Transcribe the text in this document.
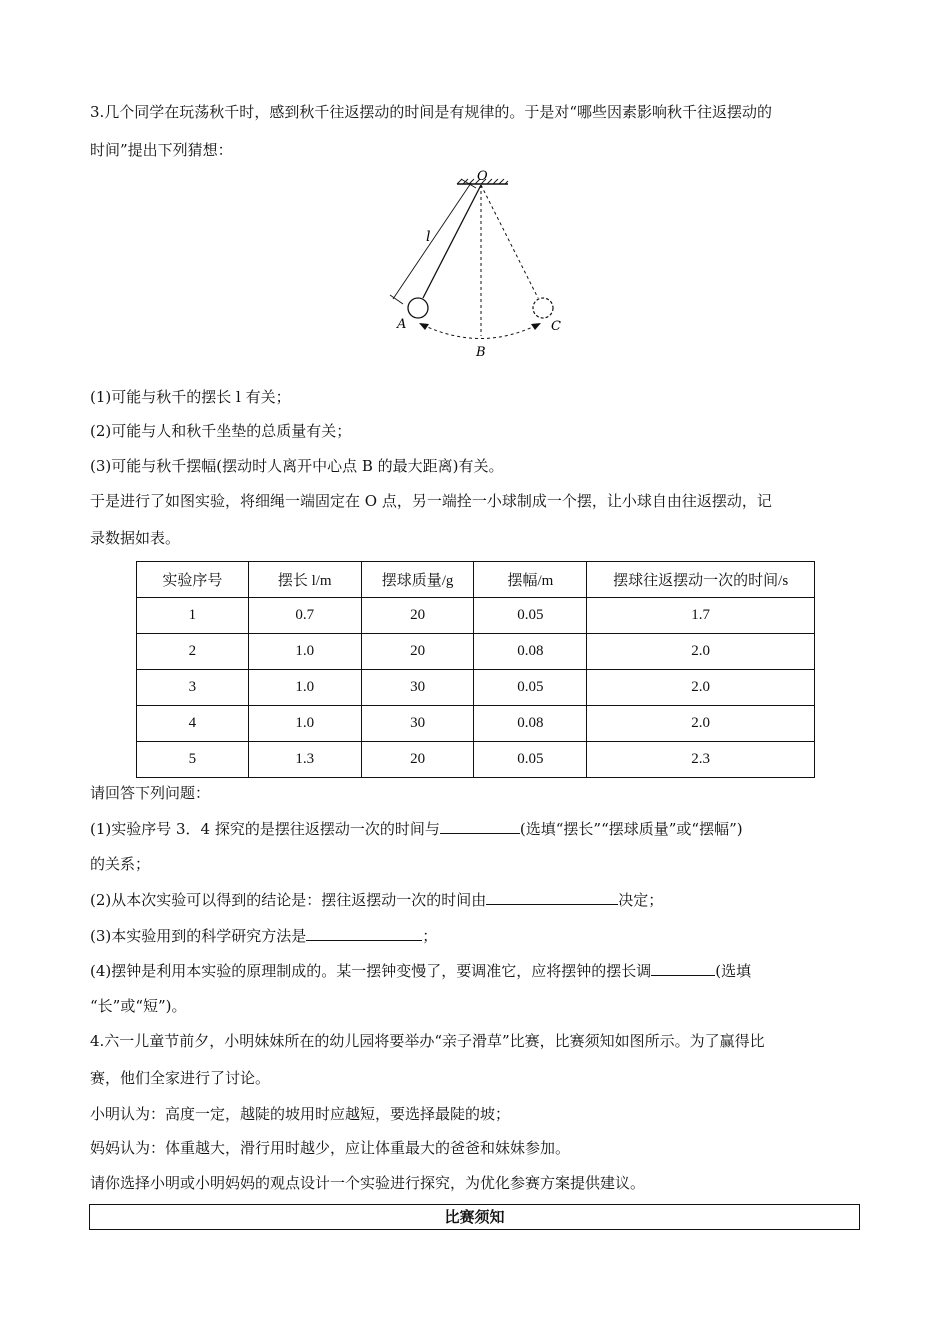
3.几个同学在玩荡秋千时，感到秋千往返摆动的时间是有规律的。于是对“哪些因素影响秋千往返摆动的
时间”提出下列猜想：
O
l
A
B
C
(1)可能与秋千的摆长 l 有关；
(2)可能与人和秋千坐垫的总质量有关；
(3)可能与秋千摆幅(摆动时人离开中心点 B 的最大距离)有关。
于是进行了如图实验，将细绳一端固定在 O 点，另一端拴一小球制成一个摆，让小球自由往返摆动，记
录数据如表。
实验序号	摆长 l/m	摆球质量/g	摆幅/m	摆球往返摆动一次的时间/s
1	0.7	20	0.05	1.7
2	1.0	20	0.08	2.0
3	1.0	30	0.05	2.0
4	1.0	30	0.08	2.0
5	1.3	20	0.05	2.3
请回答下列问题：
(1)实验序号 3．4 探究的是摆往返摆动一次的时间与	(选填“摆长”“摆球质量”或“摆幅”)
的关系；
(2)从本次实验可以得到的结论是：摆往返摆动一次的时间由	决定；
(3)本实验用到的科学研究方法是	；
(4)摆钟是利用本实验的原理制成的。某一摆钟变慢了，要调准它，应将摆钟的摆长调	(选填
“长”或“短”)。
4.六一儿童节前夕，小明妹妹所在的幼儿园将要举办“亲子滑草”比赛，比赛须知如图所示。为了赢得比
赛，他们全家进行了讨论。
小明认为：高度一定，越陡的坡用时应越短，要选择最陡的坡；
妈妈认为：体重越大，滑行用时越少，应让体重最大的爸爸和妹妹参加。
请你选择小明或小明妈妈的观点设计一个实验进行探究，为优化参赛方案提供建议。
比赛须知
